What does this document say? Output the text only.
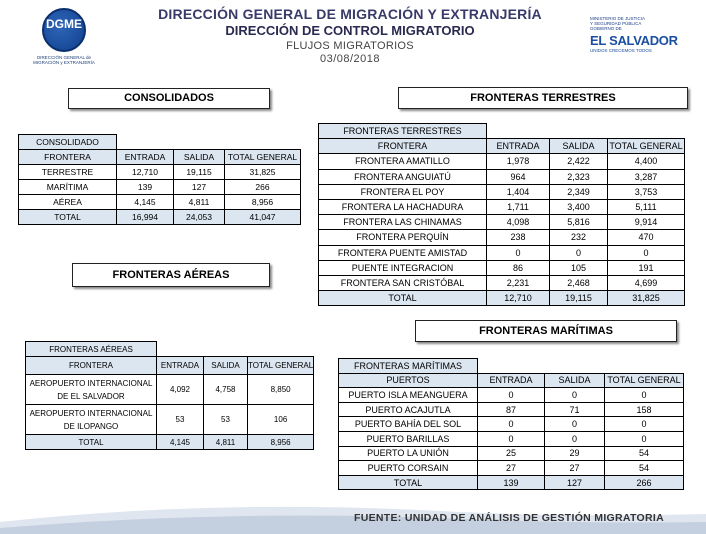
DGME
DIRECCIÓN GENERAL de MIGRACIÓN y EXTRANJERÍA
DIRECCIÓN GENERAL DE MIGRACIÓN Y EXTRANJERÍA
DIRECCIÓN DE CONTROL MIGRATORIO
FLUJOS MIGRATORIOS
03/08/2018
MINISTERIO DE JUSTICIA
Y SEGURIDAD PÚBLICA
GOBIERNO DE
EL SALVADOR
UNIDOS CRECEMOS TODOS
CONSOLIDADOS	FRONTERAS TERRESTRES
FRONTERAS AÉREAS
FRONTERAS MARÍTIMAS
CONSOLIDADO			
FRONTERA	ENTRADA	SALIDA	TOTAL GENERAL
TERRESTRE	12,710	19,115	31,825
MARÍTIMA	139	127	266
AÉREA	4,145	4,811	8,956
TOTAL	16,994	24,053	41,047
FRONTERAS TERRESTRES			
FRONTERA	ENTRADA	SALIDA	TOTAL GENERAL
FRONTERA AMATILLO	1,978	2,422	4,400
FRONTERA ANGUIATÚ	964	2,323	3,287
FRONTERA EL POY	1,404	2,349	3,753
FRONTERA LA HACHADURA	1,711	3,400	5,111
FRONTERA LAS CHINAMAS	4,098	5,816	9,914
FRONTERA PERQUÍN	238	232	470
FRONTERA PUENTE AMISTAD	0	0	0
PUENTE INTEGRACION	86	105	191
FRONTERA SAN CRISTÓBAL	2,231	2,468	4,699
TOTAL	12,710	19,115	31,825
FRONTERAS AÉREAS			
FRONTERA	ENTRADA	SALIDA	TOTAL GENERAL
AEROPUERTO INTERNACIONAL DE EL SALVADOR	4,092	4,758	8,850
AEROPUERTO INTERNACIONAL DE ILOPANGO	53	53	106
TOTAL	4,145	4,811	8,956
FRONTERAS MARÍTIMAS			
PUERTOS	ENTRADA	SALIDA	TOTAL GENERAL
PUERTO ISLA MEANGUERA	0	0	0
PUERTO ACAJUTLA	87	71	158
PUERTO BAHÍA DEL SOL	0	0	0
PUERTO BARILLAS	0	0	0
PUERTO LA UNIÓN	25	29	54
PUERTO CORSAIN	27	27	54
TOTAL	139	127	266
FUENTE: UNIDAD DE ANÁLISIS DE GESTIÓN MIGRATORIA
